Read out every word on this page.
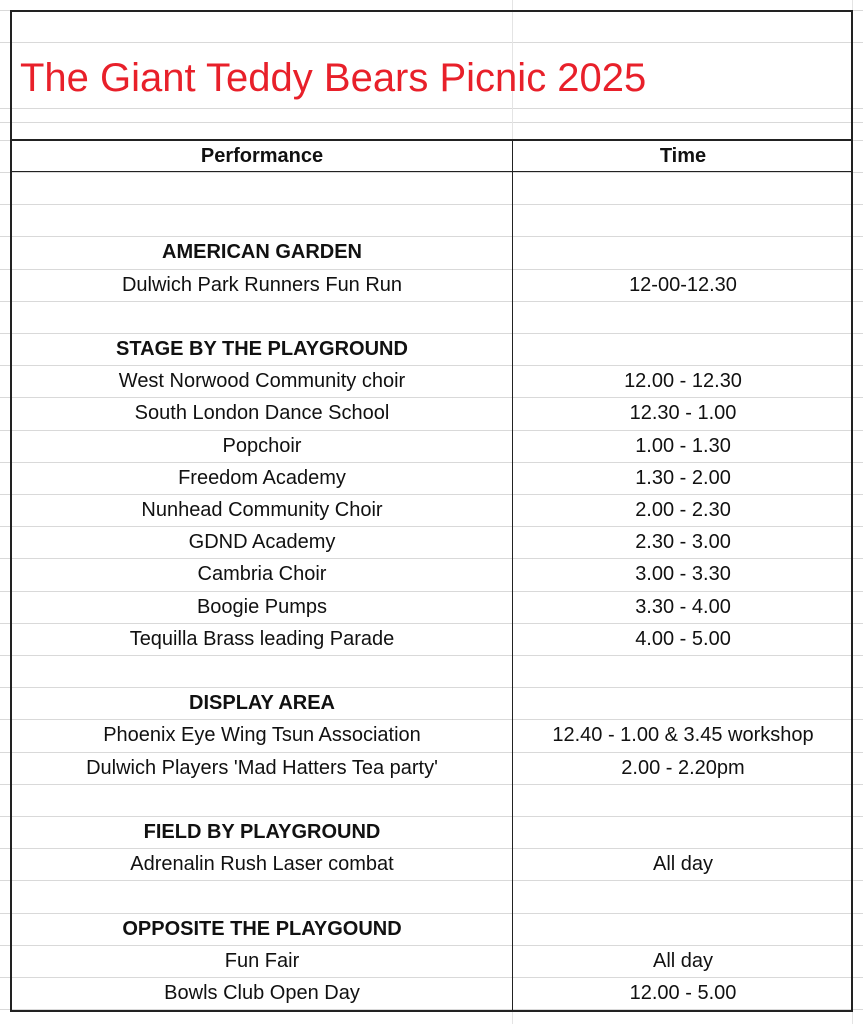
The Giant Teddy Bears Picnic 2025
Performance	Time
AMERICAN GARDEN
Dulwich Park Runners Fun Run	12-00-12.30
STAGE BY THE PLAYGROUND
West Norwood Community choir	12.00 - 12.30
South London Dance School	12.30 - 1.00
Popchoir	1.00 - 1.30
Freedom Academy	1.30 - 2.00
Nunhead Community Choir	2.00 - 2.30
GDND Academy	2.30 - 3.00
Cambria Choir	3.00 - 3.30
Boogie Pumps	3.30 - 4.00
Tequilla Brass leading Parade	4.00 - 5.00
DISPLAY AREA
Phoenix Eye Wing Tsun Association	12.40 - 1.00 & 3.45 workshop
Dulwich Players 'Mad Hatters Tea party'	2.00 - 2.20pm
FIELD BY PLAYGROUND
Adrenalin Rush Laser combat	All day
OPPOSITE THE PLAYGOUND
Fun Fair	All day
Bowls Club Open Day	12.00 - 5.00
